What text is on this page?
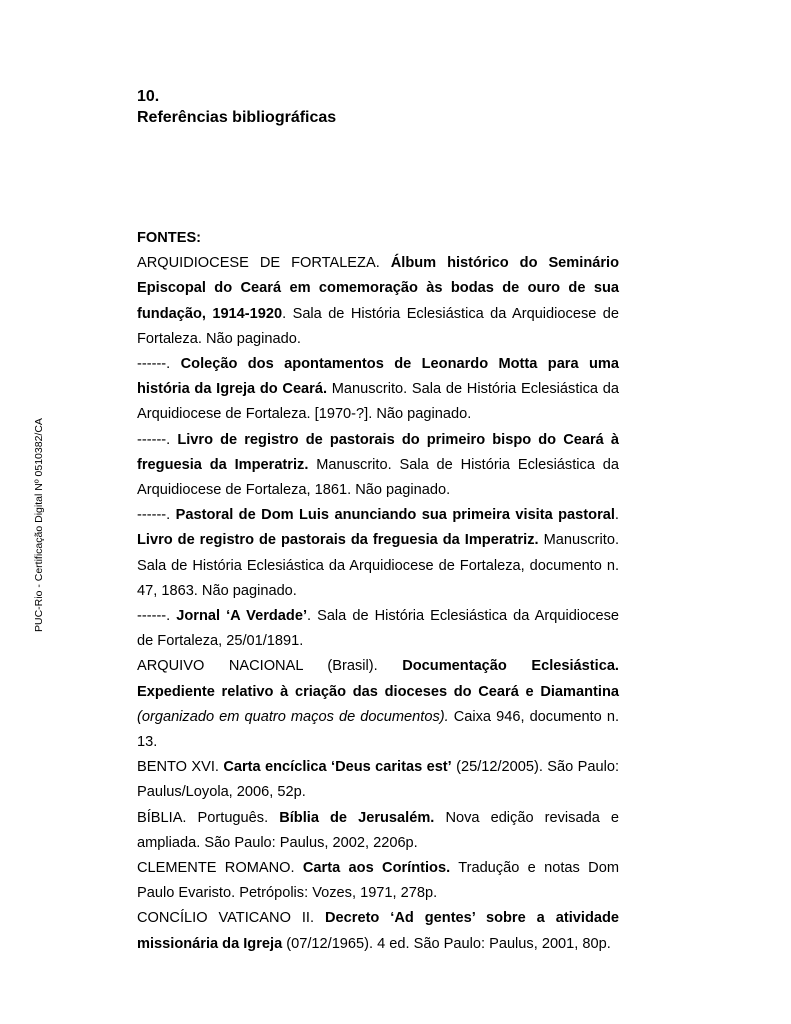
10.
Referências bibliográficas
PUC-Rio - Certificação Digital Nº 0510382/CA
FONTES:

ARQUIDIOCESE DE FORTALEZA. Álbum histórico do Seminário Episcopal do Ceará em comemoração às bodas de ouro de sua fundação, 1914-1920. Sala de História Eclesiástica da Arquidiocese de Fortaleza. Não paginado.

------. Coleção dos apontamentos de Leonardo Motta para uma história da Igreja do Ceará. Manuscrito. Sala de História Eclesiástica da Arquidiocese de Fortaleza. [1970-?]. Não paginado.

------. Livro de registro de pastorais do primeiro bispo do Ceará à freguesia da Imperatriz. Manuscrito. Sala de História Eclesiástica da Arquidiocese de Fortaleza, 1861. Não paginado.

------. Pastoral de Dom Luis anunciando sua primeira visita pastoral. Livro de registro de pastorais da freguesia da Imperatriz. Manuscrito. Sala de História Eclesiástica da Arquidiocese de Fortaleza, documento n. 47, 1863. Não paginado.

------. Jornal ‘A Verdade’. Sala de História Eclesiástica da Arquidiocese de Fortaleza, 25/01/1891.

ARQUIVO NACIONAL (Brasil). Documentação Eclesiástica. Expediente relativo à criação das dioceses do Ceará e Diamantina (organizado em quatro maços de documentos). Caixa 946, documento n. 13.

BENTO XVI. Carta encíclica ‘Deus caritas est’ (25/12/2005). São Paulo: Paulus/Loyola, 2006, 52p.

BÍBLIA. Português. Bíblia de Jerusalém. Nova edição revisada e ampliada. São Paulo: Paulus, 2002, 2206p.

CLEMENTE ROMANO. Carta aos Coríntios. Tradução e notas Dom Paulo Evaristo. Petrópolis: Vozes, 1971, 278p.

CONCÍLIO VATICANO II. Decreto ‘Ad gentes’ sobre a atividade missionária da Igreja (07/12/1965). 4 ed. São Paulo: Paulus, 2001, 80p.
